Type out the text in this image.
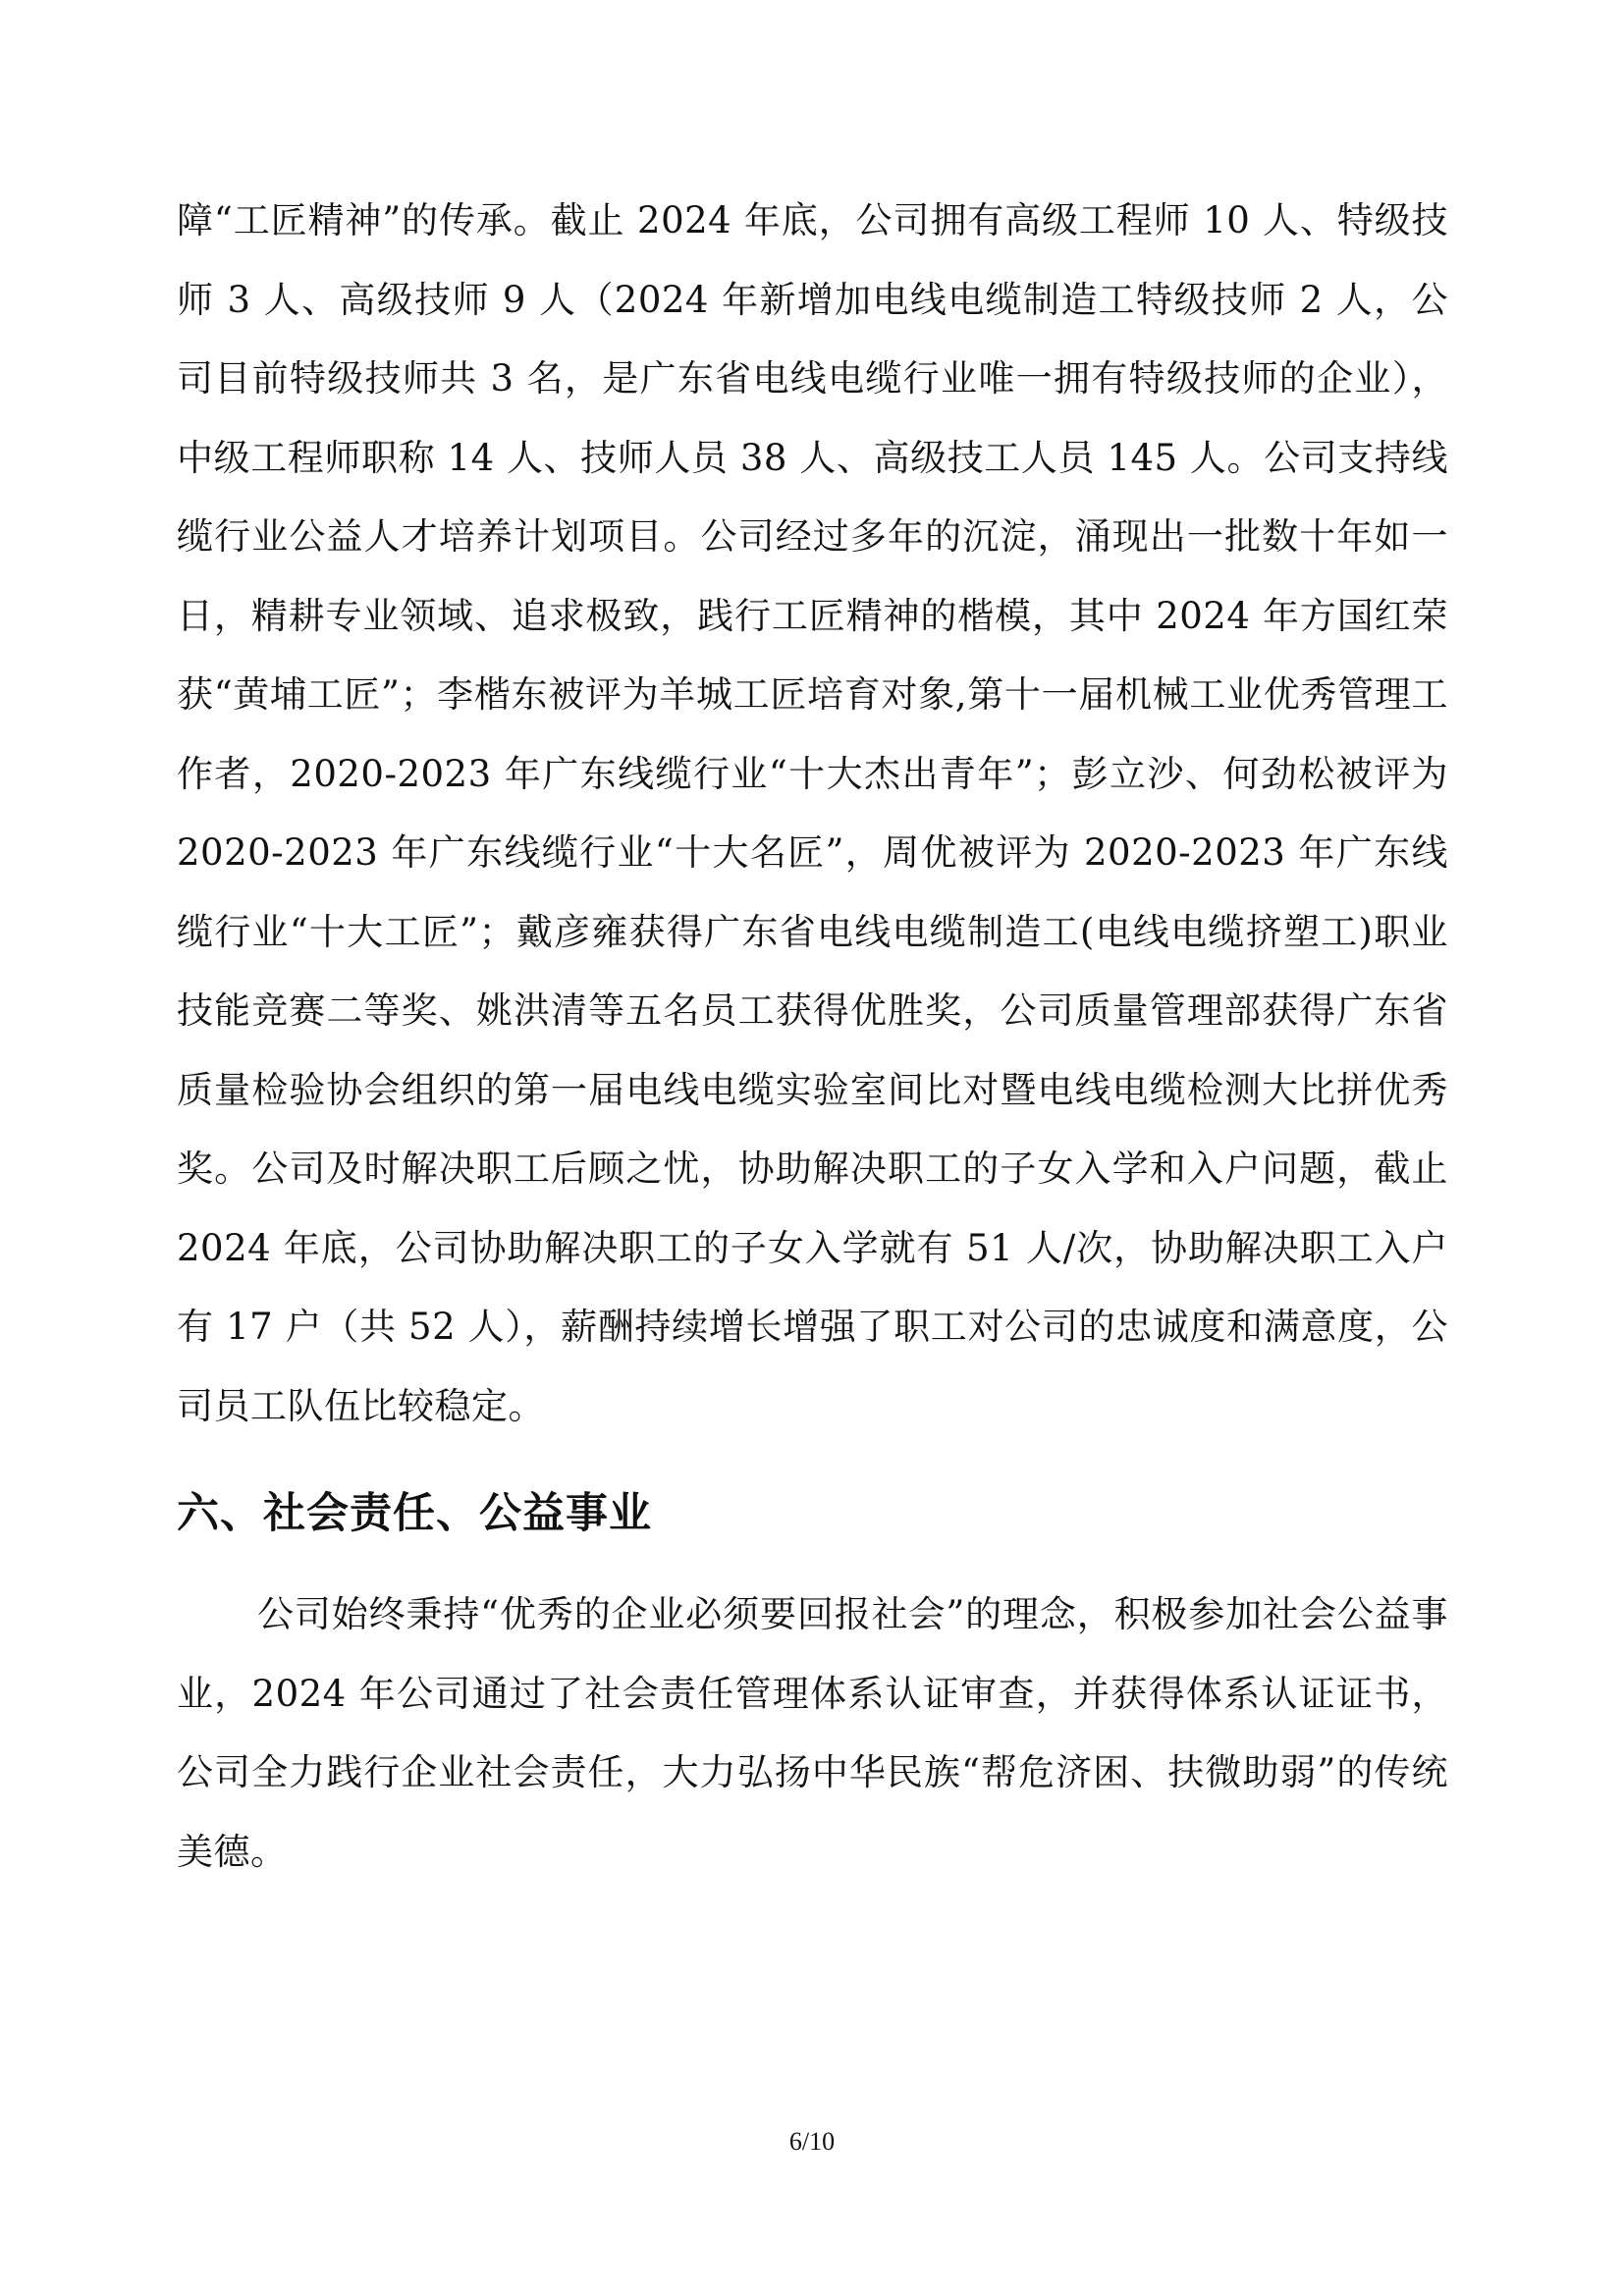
障“工匠精神”的传承。截止 2024 年底，公司拥有高级工程师 10 人、特级技师 3 人、高级技师 9 人（2024 年新增加电线电缆制造工特级技师 2 人，公司目前特级技师共 3 名，是广东省电线电缆行业唯一拥有特级技师的企业），中级工程师职称 14 人、技师人员 38 人、高级技工人员 145 人。公司支持线缆行业公益人才培养计划项目。公司经过多年的沉淀，涌现出一批数十年如一日，精耕专业领域、追求极致，践行工匠精神的楷模，其中 2024 年方国红荣获“黄埔工匠”；李楷东被评为羊城工匠培育对象,第十一届机械工业优秀管理工作者，2020-2023 年广东线缆行业“十大杰出青年”；彭立沙、何劲松被评为 2020-2023 年广东线缆行业“十大名匠”，周优被评为 2020-2023 年广东线缆行业“十大工匠”；戴彦雍获得广东省电线电缆制造工(电线电缆挤塑工)职业技能竞赛二等奖、姚洪清等五名员工获得优胜奖，公司质量管理部获得广东省质量检验协会组织的第一届电线电缆实验室间比对暨电线电缆检测大比拼优秀奖。公司及时解决职工后顾之忧，协助解决职工的子女入学和入户问题，截止 2024 年底，公司协助解决职工的子女入学就有 51 人/次，协助解决职工入户有 17 户（共 52 人），薪酬持续增长增强了职工对公司的忠诚度和满意度，公司员工队伍比较稳定。

六、社会责任、公益事业

公司始终秉持“优秀的企业必须要回报社会”的理念，积极参加社会公益事业，2024 年公司通过了社会责任管理体系认证审查，并获得体系认证证书，公司全力践行企业社会责任，大力弘扬中华民族“帮危济困、扶微助弱”的传统美德。

6/10
